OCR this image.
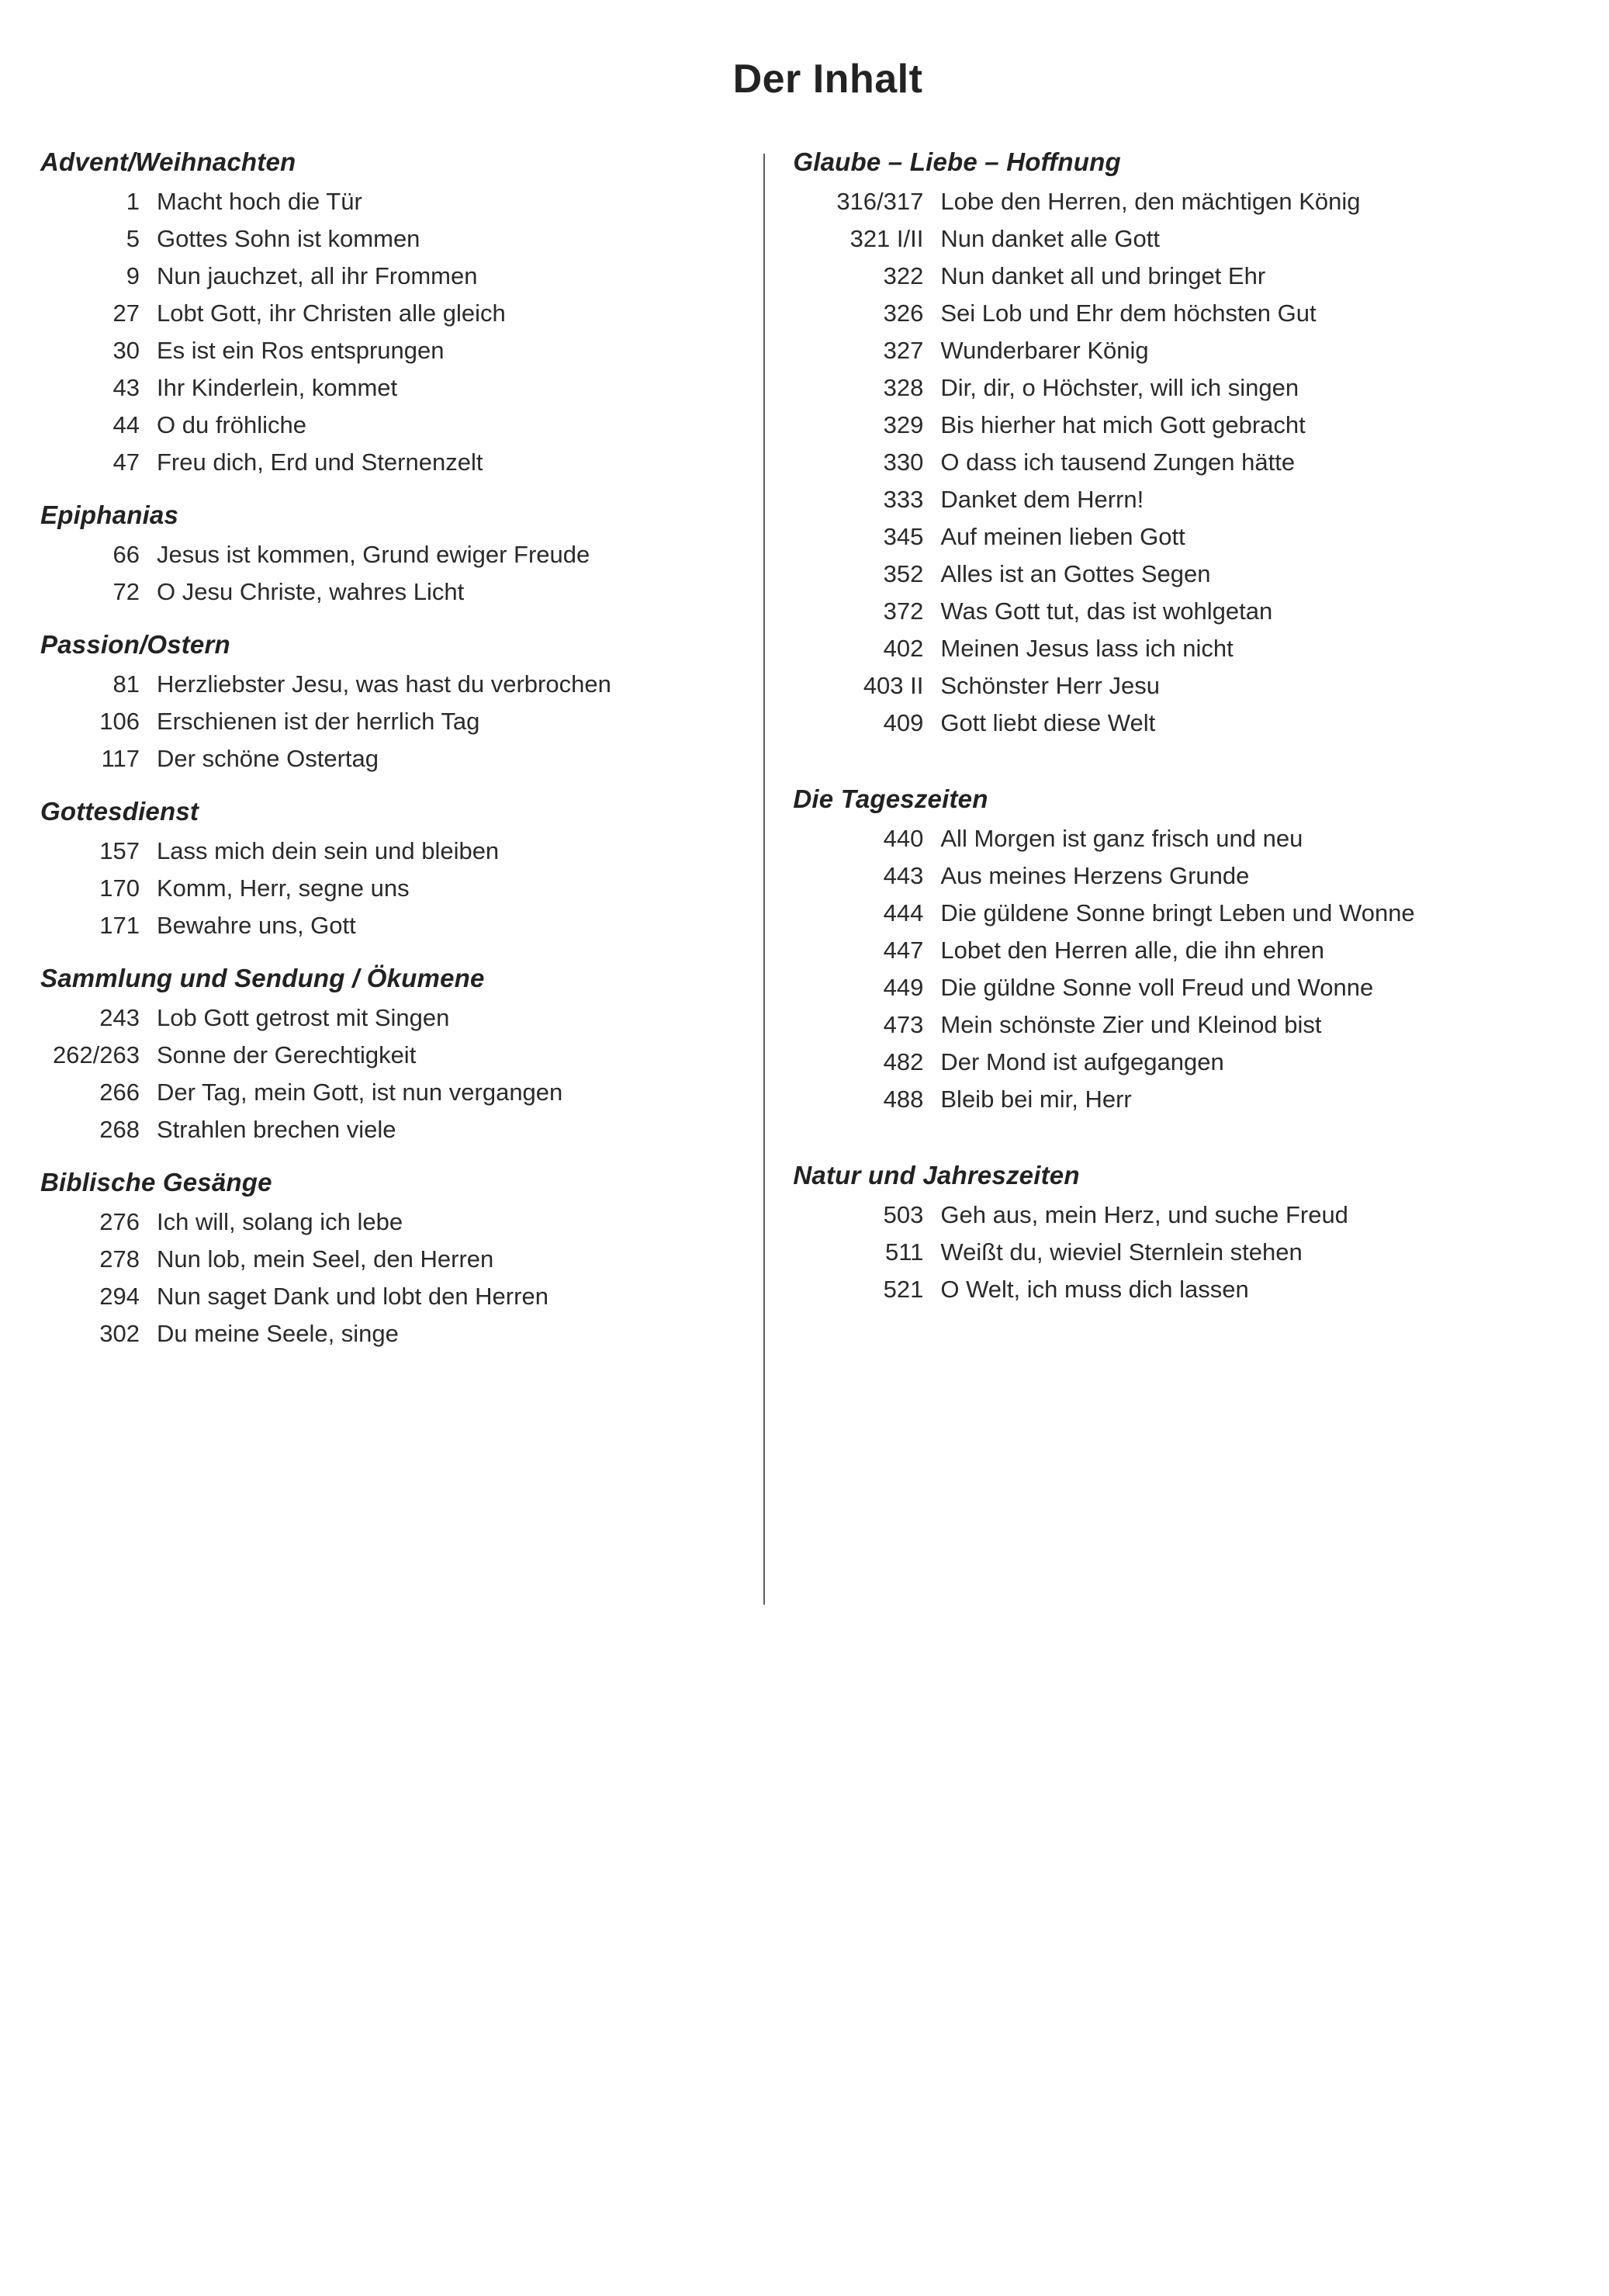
Der Inhalt
Advent/Weihnachten
1 Macht hoch die Tür
5 Gottes Sohn ist kommen
9 Nun jauchzet, all ihr Frommen
27 Lobt Gott, ihr Christen alle gleich
30 Es ist ein Ros entsprungen
43 Ihr Kinderlein, kommet
44 O du fröhliche
47 Freu dich, Erd und Sternenzelt
Epiphanias
66 Jesus ist kommen, Grund ewiger Freude
72 O Jesu Christe, wahres Licht
Passion/Ostern
81 Herzliebster Jesu, was hast du verbrochen
106 Erschienen ist der herrlich Tag
117 Der schöne Ostertag
Gottesdienst
157 Lass mich dein sein und bleiben
170 Komm, Herr, segne uns
171 Bewahre uns, Gott
Sammlung und Sendung / Ökumene
243 Lob Gott getrost mit Singen
262/263 Sonne der Gerechtigkeit
266 Der Tag, mein Gott, ist nun vergangen
268 Strahlen brechen viele
Biblische Gesänge
276 Ich will, solang ich lebe
278 Nun lob, mein Seel, den Herren
294 Nun saget Dank und lobt den Herren
302 Du meine Seele, singe
Glaube – Liebe – Hoffnung
316/317 Lobe den Herren, den mächtigen König
321 I/II Nun danket alle Gott
322 Nun danket all und bringet Ehr
326 Sei Lob und Ehr dem höchsten Gut
327 Wunderbarer König
328 Dir, dir, o Höchster, will ich singen
329 Bis hierher hat mich Gott gebracht
330 O dass ich tausend Zungen hätte
333 Danket dem Herrn!
345 Auf meinen lieben Gott
352 Alles ist an Gottes Segen
372 Was Gott tut, das ist wohlgetan
402 Meinen Jesus lass ich nicht
403 II Schönster Herr Jesu
409 Gott liebt diese Welt
Die Tageszeiten
440 All Morgen ist ganz frisch und neu
443 Aus meines Herzens Grunde
444 Die güldene Sonne bringt Leben und Wonne
447 Lobet den Herren alle, die ihn ehren
449 Die güldne Sonne voll Freud und Wonne
473 Mein schönste Zier und Kleinod bist
482 Der Mond ist aufgegangen
488 Bleib bei mir, Herr
Natur und Jahreszeiten
503 Geh aus, mein Herz, und suche Freud
511 Weißt du, wieviel Sternlein stehen
521 O Welt, ich muss dich lassen
